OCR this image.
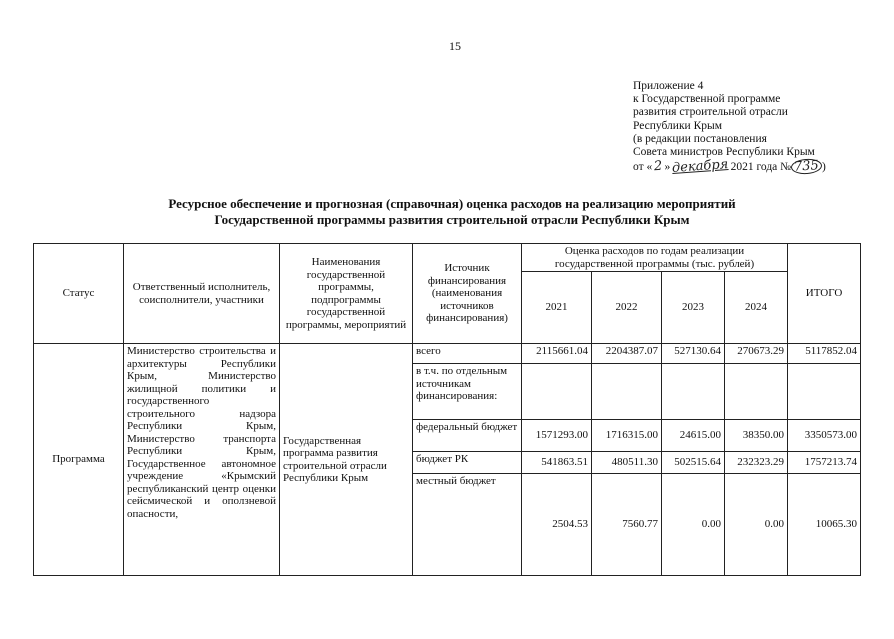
15
Приложение 4
к Государственной программе
развития строительной отрасли
Республики Крым
(в редакции постановления
Совета министров Республики Крым
от «2» декабря 2021 года № 735 )
Ресурсное обеспечение и прогнозная (справочная) оценка расходов на реализацию мероприятий
Государственной программы развития строительной отрасли Республики Крым
Статус	Ответственный исполнитель, соисполнители, участники	Наименования государственной программы, подпрограммы государственной программы, мероприятий	Источник финансирования (наименования источников финансирования)	Оценка расходов по годам реализации государственной программы (тыс. рублей)				ИТОГО
				2021	2022	2023	2024	
Программа	Министерство строительства и архитектуры Республики Крым, Министерство жилищной политики и государственного строительного надзора Республики Крым, Министерство транспорта Республики Крым, Государственное автономное учреждение «Крымский республиканский центр оценки сейсмической и оползневой опасности,	Государственная программа развития строительной отрасли Республики Крым	всего	2115661.04	2204387.07	527130.64	270673.29	5117852.04
			в т.ч. по отдельным источникам финансирования:					
			федеральный бюджет	1571293.00	1716315.00	24615.00	38350.00	3350573.00
			бюджет РК	541863.51	480511.30	502515.64	232323.29	1757213.74
			местный бюджет	2504.53	7560.77	0.00	0.00	10065.30
